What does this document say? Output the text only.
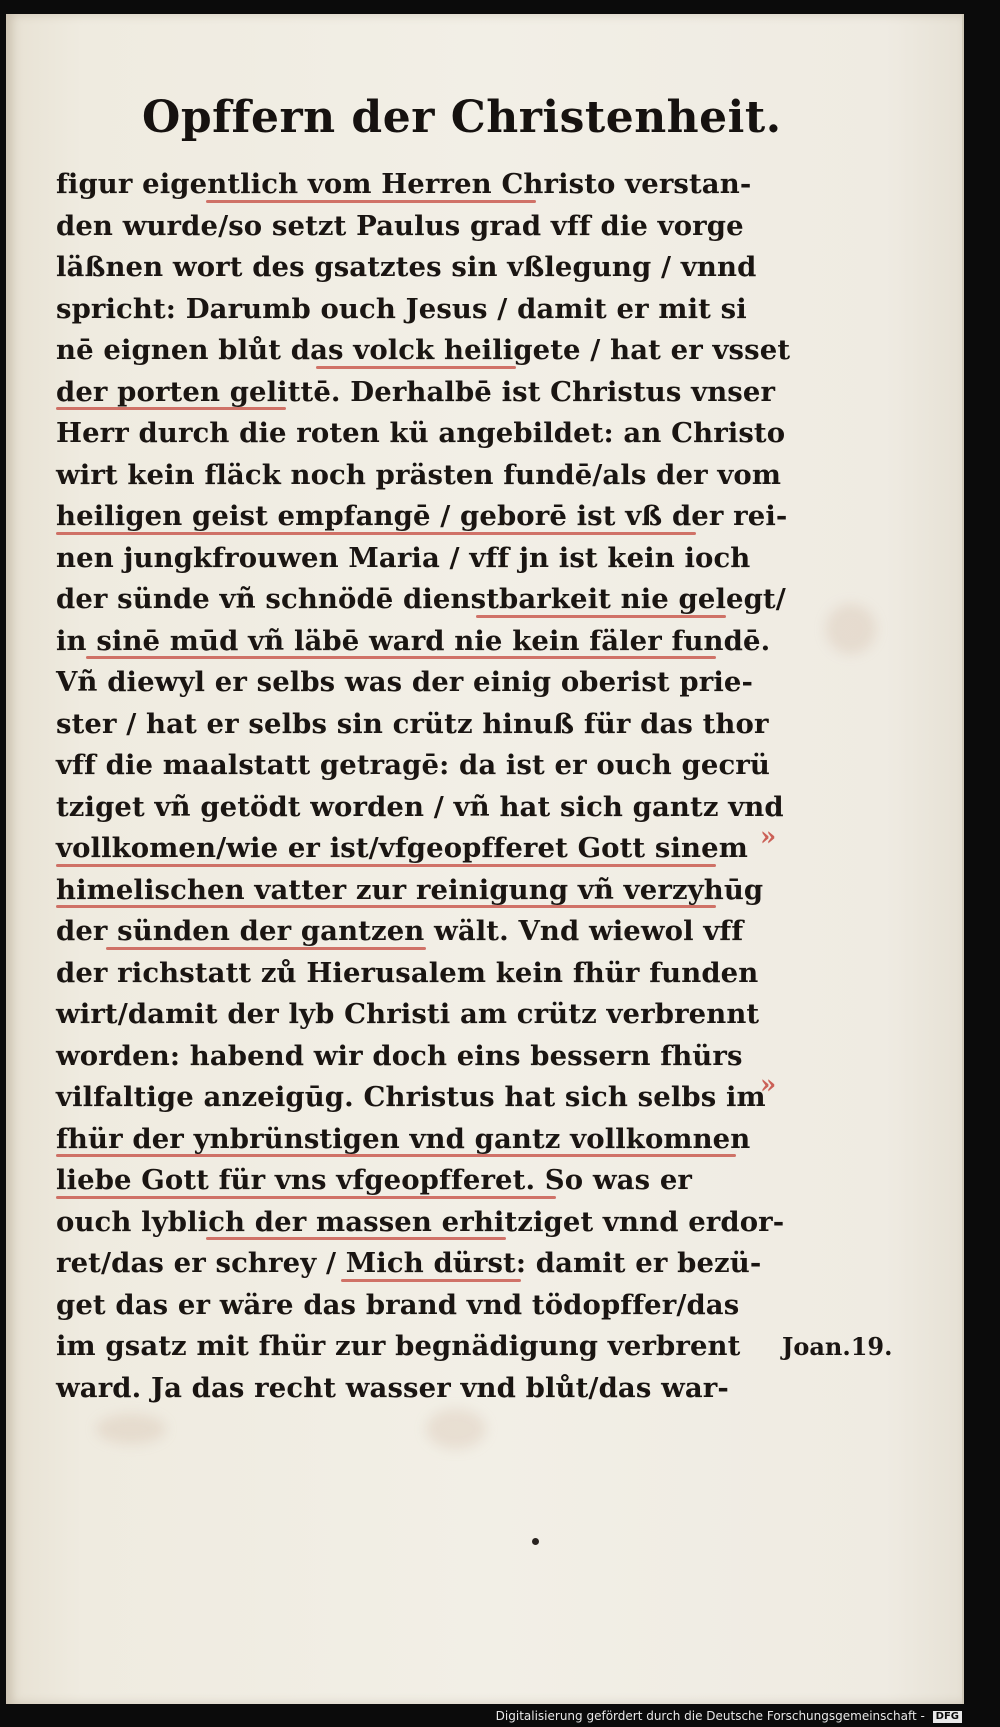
Opffern der Christenheit.
figur eigentlich vom Herren Christo verstan-
den wurde/so setzt Paulus grad vff die vorge
läßnen wort des gsatztes sin vßlegung / vnnd
spricht: Darumb ouch Jesus / damit er mit si
nē eignen blůt das volck heiligete / hat er vsset
der porten gelittē. Derhalbē ist Christus vnser
Herr durch die roten kü angebildet: an Christo
wirt kein fläck noch prästen fundē/als der vom
heiligen geist empfangē / geborē ist vß der rei-
nen jungkfrouwen Maria / vff jn ist kein ioch
der sünde vñ schnödē dienstbarkeit nie gelegt/
in sinē mūd vñ läbē ward nie kein fäler fundē.
Vñ diewyl er selbs was der einig oberist prie-
ster / hat er selbs sin crütz hinuß für das thor
vff die maalstatt getragē: da ist er ouch gecrü
tziget vñ getödt worden / vñ hat sich gantz vnd
vollkomen/wie er ist/vfgeopfferet Gott sinem
himelischen vatter zur reinigung vñ verzyhūg
der sünden der gantzen wält. Vnd wiewol vff
der richstatt zů Hierusalem kein fhür funden
wirt/damit der lyb Christi am crütz verbrennt
worden: habend wir doch eins bessern fhürs
vilfaltige anzeigūg. Christus hat sich selbs im
fhür der ynbrünstigen vnd gantz vollkomnen
liebe Gott für vns vfgeopfferet. So was er
ouch lyblich der massen erhitziget vnnd erdor-
ret/das er schrey / Mich dürst: damit er bezü-
get das er wäre das brand vnd tödopffer/das
im gsatz mit fhür zur begnädigung verbrent
ward. Ja das recht wasser vnd blůt/das war-
»
»
Joan.19.
Digitalisierung gefördert durch die Deutsche Forschungsgemeinschaft - DFG
